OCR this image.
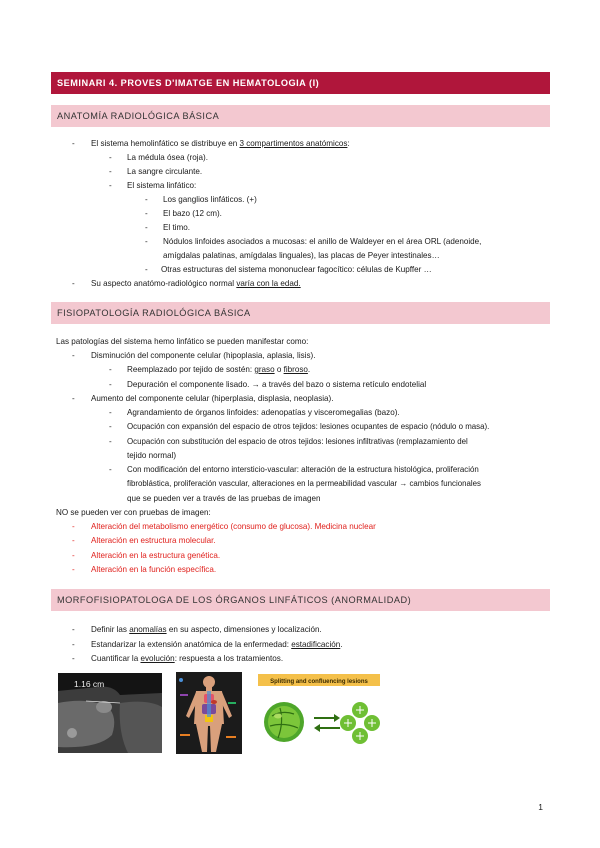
SEMINARI 4. PROVES D'IMATGE EN HEMATOLOGIA (I)
ANATOMÍA RADIOLÓGICA BÁSICA
- El sistema hemolinfático se distribuye en 3 compartimentos anatómicos:
- La médula ósea (roja).
- La sangre circulante.
- El sistema linfático:
- Los ganglios linfáticos. (+)
- El bazo (12 cm).
- El timo.
- Nódulos linfoides asociados a mucosas: el anillo de Waldeyer en el área ORL (adenoide,
amígdalas palatinas, amígdalas linguales), las placas de Peyer intestinales…
- Otras estructuras del sistema mononuclear fagocítico: células de Kupffer …
- Su aspecto anatómo-radiológico normal varía con la edad.
FISIOPATOLOGÍA RADIOLÓGICA BÁSICA
Las patologías del sistema hemo linfático se pueden manifestar como:
- Disminución del componente celular (hipoplasia, aplasia, lisis).
- Reemplazado por tejido de sostén: graso o fibroso.
- Depuración el componente lisado. → a través del bazo o sistema retículo endotelial
- Aumento del componente celular (hiperplasia, displasia, neoplasia).
- Agrandamiento de órganos linfoides: adenopatías y visceromegalias (bazo).
- Ocupación con expansión del espacio de otros tejidos: lesiones ocupantes de espacio (nódulo o masa).
- Ocupación con substitución del espacio de otros tejidos: lesiones infiltrativas (remplazamiento del
tejido normal)
- Con modificación del entorno intersticio-vascular: alteración de la estructura histológica, proliferación
fibroblástica, proliferación vascular, alteraciones en la permeabilidad vascular → cambios funcionales
que se pueden ver a través de las pruebas de imagen
NO se pueden ver con pruebas de imagen:
- Alteración del metabolismo energético (consumo de glucosa). Medicina nuclear
- Alteración en estructura molecular.
- Alteración en la estructura genética.
- Alteración en la función específica.
MORFOFISIOPATOLOGA DE LOS ÓRGANOS LINFÁTICOS (ANORMALIDAD)
- Definir las anomalías en su aspecto, dimensiones y localización.
- Estandarizar la extensión anatómica de la enfermedad: estadificación.
- Cuantificar la evolución: respuesta a los tratamientos.
1.16 cm	Splitting and confluencing lesions
1
